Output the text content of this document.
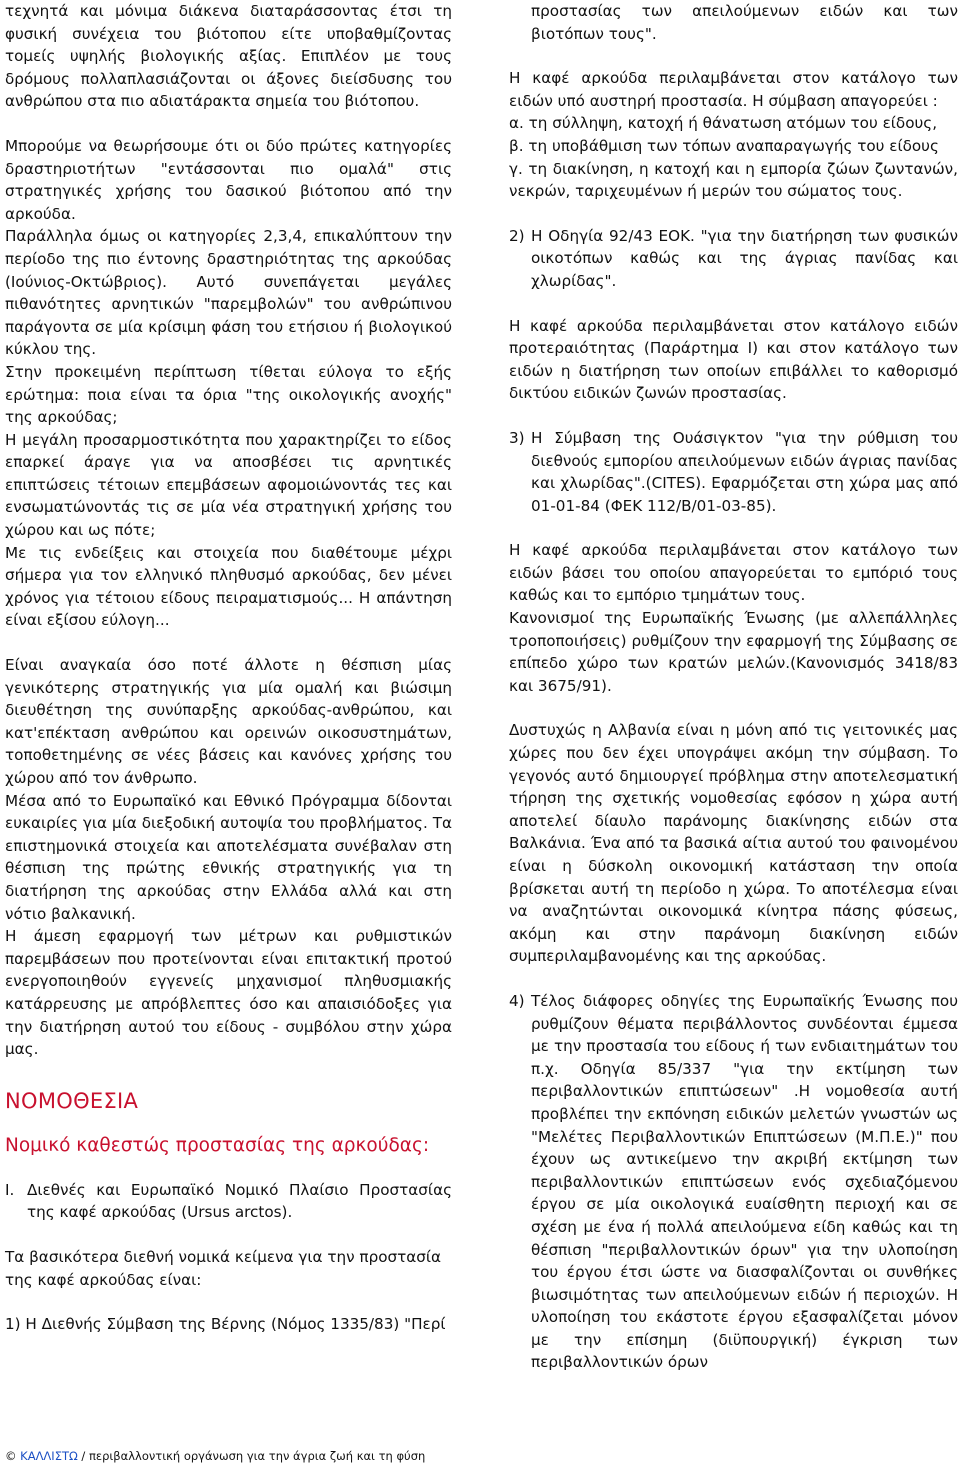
τεχνητά και μόνιμα διάκενα διαταράσσοντας έτσι τη φυσική συνέχεια του βιότοπου είτε υποβαθμίζοντας τομείς υψηλής βιολογικής αξίας. Επιπλέον με τους δρόμους πολλαπλασιάζονται οι άξονες διείσδυσης του ανθρώπου στα πιο αδιατάρακτα σημεία του βιότοπου.

Μπορούμε να θεωρήσουμε ότι οι δύο πρώτες κατηγορίες δραστηριοτήτων "εντάσσονται πιο ομαλά" στις στρατηγικές χρήσης του δασικού βιότοπου από την αρκούδα.

Παράλληλα όμως οι κατηγορίες 2,3,4, επικαλύπτουν την περίοδο της πιο έντονης δραστηριότητας της αρκούδας (Ιούνιος-Οκτώβριος). Αυτό συνεπάγεται μεγάλες πιθανότητες αρνητικών "παρεμβολών" του ανθρώπινου παράγοντα σε μία κρίσιμη φάση του ετήσιου ή βιολογικού κύκλου της.

Στην προκειμένη περίπτωση τίθεται εύλογα το εξής ερώτημα: ποια είναι τα όρια "της οικολογικής ανοχής" της αρκούδας;

Η μεγάλη προσαρμοστικότητα που χαρακτηρίζει το είδος επαρκεί άραγε για να αποσβέσει τις αρνητικές επιπτώσεις τέτοιων επεμβάσεων αφομοιώνοντάς τες και ενσωματώνοντάς τις σε μία νέα στρατηγική χρήσης του χώρου και ως πότε;

Με τις ενδείξεις και στοιχεία που διαθέτουμε μέχρι σήμερα για τον ελληνικό πληθυσμό αρκούδας, δεν μένει χρόνος για τέτοιου είδους πειραματισμούς... Η απάντηση είναι εξίσου εύλογη...

Είναι αναγκαία όσο ποτέ άλλοτε η θέσπιση μίας γενικότερης στρατηγικής για μία ομαλή και βιώσιμη διευθέτηση της συνύπαρξης αρκούδας-ανθρώπου, και κατ'επέκταση ανθρώπου και ορεινών οικοσυστημάτων, τοποθετημένης σε νέες βάσεις και κανόνες χρήσης του χώρου από τον άνθρωπο.

Μέσα από το Ευρωπαϊκό και Εθνικό Πρόγραμμα δίδονται ευκαιρίες για μία διεξοδική αυτοψία του προβλήματος. Τα επιστημονικά στοιχεία και αποτελέσματα συνέβαλαν στη θέσπιση της πρώτης εθνικής στρατηγικής για τη διατήρηση της αρκούδας στην Ελλάδα αλλά και στη νότιο βαλκανική.

Η άμεση εφαρμογή των μέτρων και ρυθμιστικών παρεμβάσεων που προτείνονται είναι επιτακτική προτού ενεργοποιηθούν εγγενείς μηχανισμοί πληθυσμιακής κατάρρευσης με απρόβλεπτες όσο και απαισιόδοξες για την διατήρηση αυτού του είδους - συμβόλου στην χώρα μας.

ΝΟΜΟΘΕΣΙΑ
Νομικό καθεστώς προστασίας της αρκούδας:
I. Διεθνές και Ευρωπαϊκό Νομικό Πλαίσιο Προστασίας της καφέ αρκούδας (Ursus arctos).

Τα βασικότερα διεθνή νομικά κείμενα για την προστασία της καφέ αρκούδας είναι:

1) Η Διεθνής Σύμβαση της Βέρνης (Νόμος 1335/83) "Περί

προστασίας των απειλούμενων ειδών και των βιοτόπων τους".

Η καφέ αρκούδα περιλαμβάνεται στον κατάλογο των ειδών υπό αυστηρή προστασία. Η σύμβαση απαγορεύει :

α. τη σύλληψη, κατοχή ή θάνατωση ατόμων του είδους,

β. τη υποβάθμιση των τόπων αναπαραγωγής του είδους

γ. τη διακίνηση, η κατοχή και η εμπορία ζώων ζωντανών, νεκρών, ταριχευμένων ή μερών του σώματος τους.

2) Η Οδηγία 92/43 ΕΟΚ. "για την διατήρηση των φυσικών οικοτόπων καθώς και της άγριας πανίδας και χλωρίδας".

Η καφέ αρκούδα περιλαμβάνεται στον κατάλογο ειδών προτεραιότητας (Παράρτημα Ι) και στον κατάλογο των ειδών η διατήρηση των οποίων επιβάλλει το καθορισμό δικτύου ειδικών ζωνών προστασίας.

3) Η Σύμβαση της Ουάσιγκτον "για την ρύθμιση του διεθνούς εμπορίου απειλούμενων ειδών άγριας πανίδας και χλωρίδας".(CITES). Εφαρμόζεται στη χώρα μας από 01-01-84 (ΦΕΚ 112/Β/01-03-85).

Η καφέ αρκούδα περιλαμβάνεται στον κατάλογο των ειδών βάσει του οποίου απαγορεύεται το εμπόριό τους καθώς και το εμπόριο τμημάτων τους.

Κανονισμοί της Ευρωπαϊκής Ένωσης (με αλλεπάλληλες τροποποιήσεις) ρυθμίζουν την εφαρμογή της Σύμβασης σε επίπεδο χώρο των κρατών μελών.(Κανονισμός 3418/83 και 3675/91).

Δυστυχώς η Αλβανία είναι η μόνη από τις γειτονικές μας χώρες που δεν έχει υπογράψει ακόμη την σύμβαση. Το γεγονός αυτό δημιουργεί πρόβλημα στην αποτελεσματική τήρηση της σχετικής νομοθεσίας εφόσον η χώρα αυτή αποτελεί δίαυλο παράνομης διακίνησης ειδών στα Βαλκάνια. Ένα από τα βασικά αίτια αυτού του φαινομένου είναι η δύσκολη οικονομική κατάσταση την οποία βρίσκεται αυτή τη περίοδο η χώρα. Το αποτέλεσμα είναι να αναζητώνται οικονομικά κίνητρα πάσης φύσεως, ακόμη και στην παράνομη διακίνηση ειδών συμπεριλαμβανομένης και της αρκούδας.

4) Τέλος διάφορες οδηγίες της Ευρωπαϊκής Ένωσης που ρυθμίζουν θέματα περιβάλλοντος συνδέονται έμμεσα με την προστασία του είδους ή των ενδιαιτημάτων του π.χ. Οδηγία 85/337 "για την εκτίμηση των περιβαλλοντικών επιπτώσεων" .Η νομοθεσία αυτή προβλέπει την εκπόνηση ειδικών μελετών γνωστών ως "Μελέτες Περιβαλλοντικών Επιπτώσεων (Μ.Π.Ε.)" που έχουν ως αντικείμενο την ακριβή εκτίμηση των περιβαλλοντικών επιπτώσεων ενός σχεδιαζόμενου έργου σε μία οικολογικά ευαίσθητη περιοχή και σε σχέση με ένα ή πολλά απειλούμενα είδη καθώς και τη θέσπιση "περιβαλλοντικών όρων" για την υλοποίηση του έργου έτσι ώστε να διασφαλίζονται οι συνθήκες βιωσιμότητας των απειλούμενων ειδών ή περιοχών. Η υλοποίηση του εκάστοτε έργου εξασφαλίζεται μόνον με την επίσημη (διϋπουργική) έγκριση των περιβαλλοντικών όρων
© ΚΑΛΛΙΣΤΩ / περιβαλλοντική οργάνωση για την άγρια ζωή και τη φύση
